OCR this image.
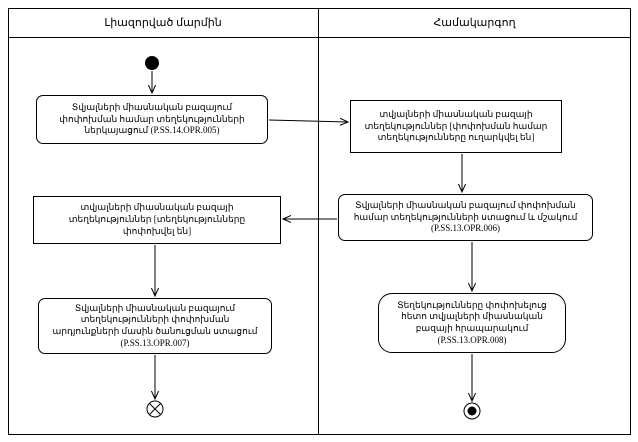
Լիազորված մարմին	Համակարգող
Տվյալների միասնական բազայում փոփոխման համար տեղեկությունների ներկայացում (P.SS.14.OPR.005)
տվյալների միասնական բազայի տեղեկություններ [փոփոխման համար տեղեկությունները ուղարկվել են]
Տվյալների միասնական բազայում փոփոխման համար տեղեկությունների ստացում և մշակում (P.SS.13.OPR.006)
տվյալների միասնական բազայի տեղեկություններ [տեղեկությունները փոփոխվել են]
Տվյալների միասնական բազայում տեղեկությունների փոփոխման արդյունքների մասին ծանուցման ստացում (P.SS.13.OPR.007)
Տեղեկությունները փոփոխելուց հետո տվյալների միասնական բազայի հրապարակում (P.SS.13.OPR.008)
